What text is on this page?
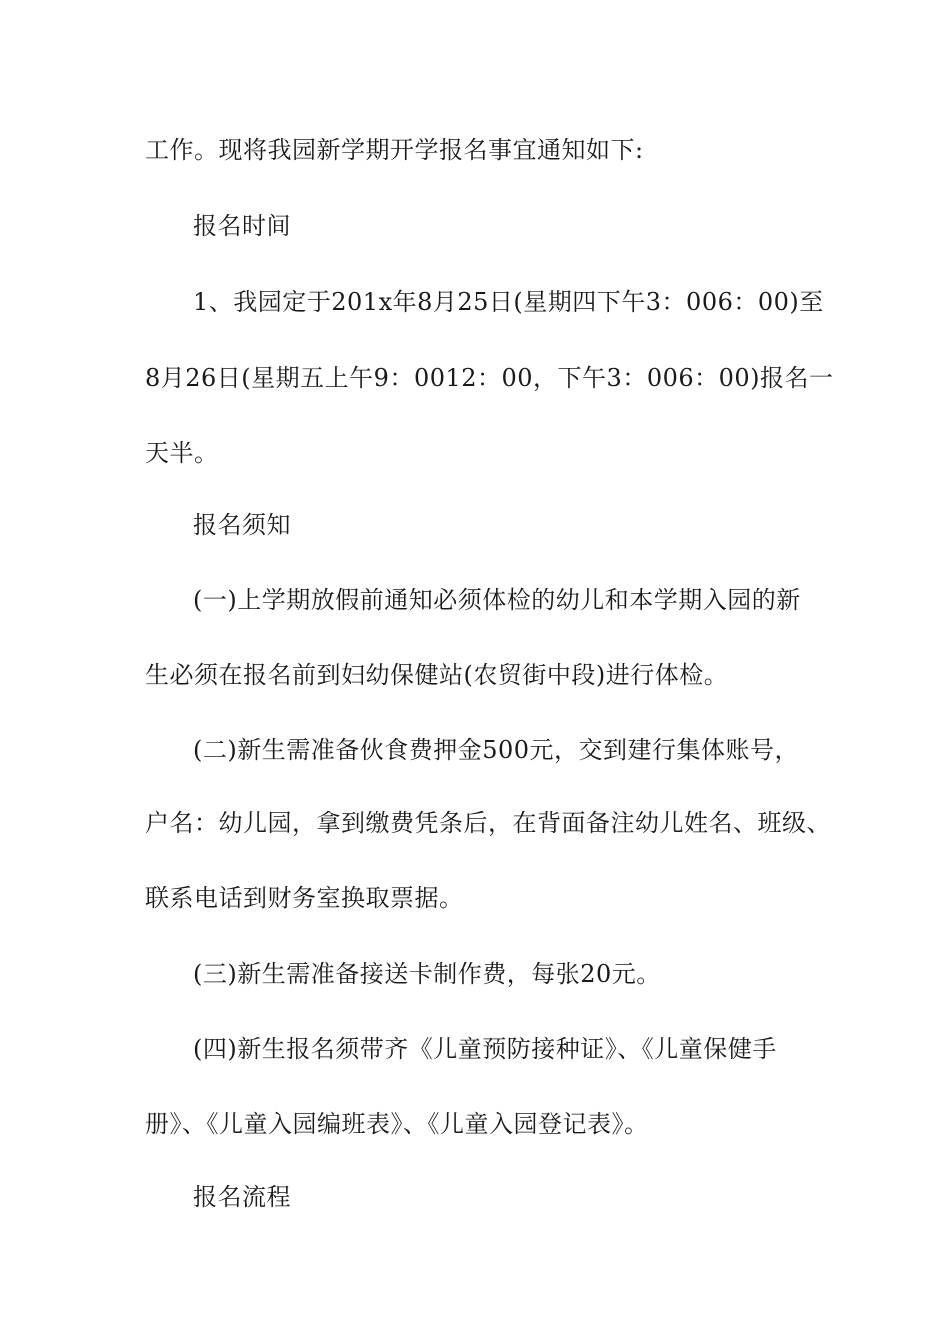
工作。现将我园新学期开学报名事宜通知如下:
报名时间
1、我园定于201x年8月25日(星期四下午3：006：00)至
8月26日(星期五上午9：0012：00，下午3：006：00)报名一
天半。
报名须知
(一)上学期放假前通知必须体检的幼儿和本学期入园的新
生必须在报名前到妇幼保健站(农贸街中段)进行体检。
(二)新生需准备伙食费押金500元，交到建行集体账号，
户名：幼儿园，拿到缴费凭条后，在背面备注幼儿姓名、班级、
联系电话到财务室换取票据。
(三)新生需准备接送卡制作费，每张20元。
(四)新生报名须带齐《儿童预防接种证》、《儿童保健手
册》、《儿童入园编班表》、《儿童入园登记表》。
报名流程
